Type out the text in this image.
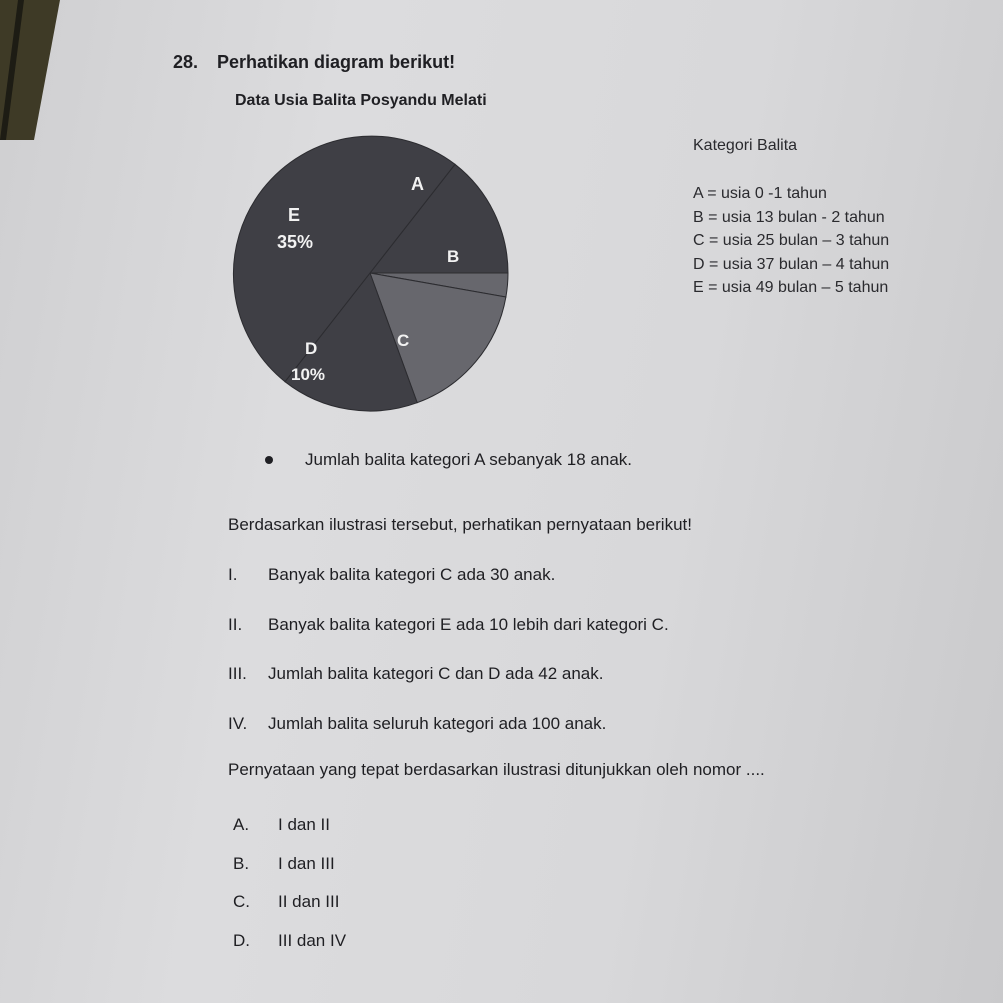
28. Perhatikan diagram berikut!
Data Usia Balita Posyandu Melati
A
B
C
D
10%
E
35%
Kategori Balita
A = usia 0 -1 tahun
B = usia 13 bulan - 2 tahun
C = usia 25 bulan – 3 tahun
D = usia 37 bulan – 4 tahun
E = usia 49 bulan – 5 tahun
Jumlah balita kategori A sebanyak 18 anak.
Berdasarkan ilustrasi tersebut, perhatikan pernyataan berikut!
I.	Banyak balita kategori C ada 30 anak.
II.	Banyak balita kategori E ada 10 lebih dari kategori C.
III.	Jumlah balita kategori C dan D ada 42 anak.
IV.	Jumlah balita seluruh kategori ada 100 anak.
Pernyataan yang tepat berdasarkan ilustrasi ditunjukkan oleh nomor ....
A.	I dan II
B.	I dan III
C.	II dan III
D.	III dan IV
